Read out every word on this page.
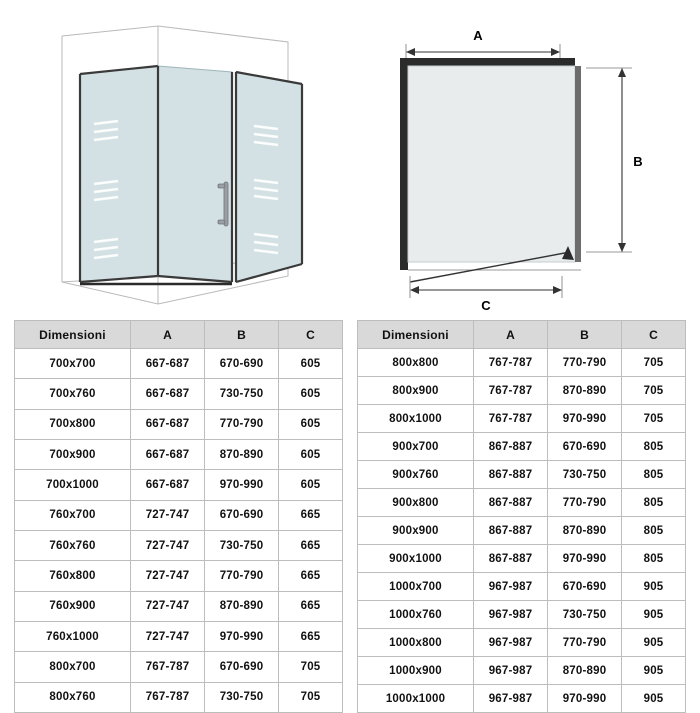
A
B
C
Dimensioni	A	B	C
700x700	667-687	670-690	605
700x760	667-687	730-750	605
700x800	667-687	770-790	605
700x900	667-687	870-890	605
700x1000	667-687	970-990	605
760x700	727-747	670-690	665
760x760	727-747	730-750	665
760x800	727-747	770-790	665
760x900	727-747	870-890	665
760x1000	727-747	970-990	665
800x700	767-787	670-690	705
800x760	767-787	730-750	705
Dimensioni	A	B	C
800x800	767-787	770-790	705
800x900	767-787	870-890	705
800x1000	767-787	970-990	705
900x700	867-887	670-690	805
900x760	867-887	730-750	805
900x800	867-887	770-790	805
900x900	867-887	870-890	805
900x1000	867-887	970-990	805
1000x700	967-987	670-690	905
1000x760	967-987	730-750	905
1000x800	967-987	770-790	905
1000x900	967-987	870-890	905
1000x1000	967-987	970-990	905
